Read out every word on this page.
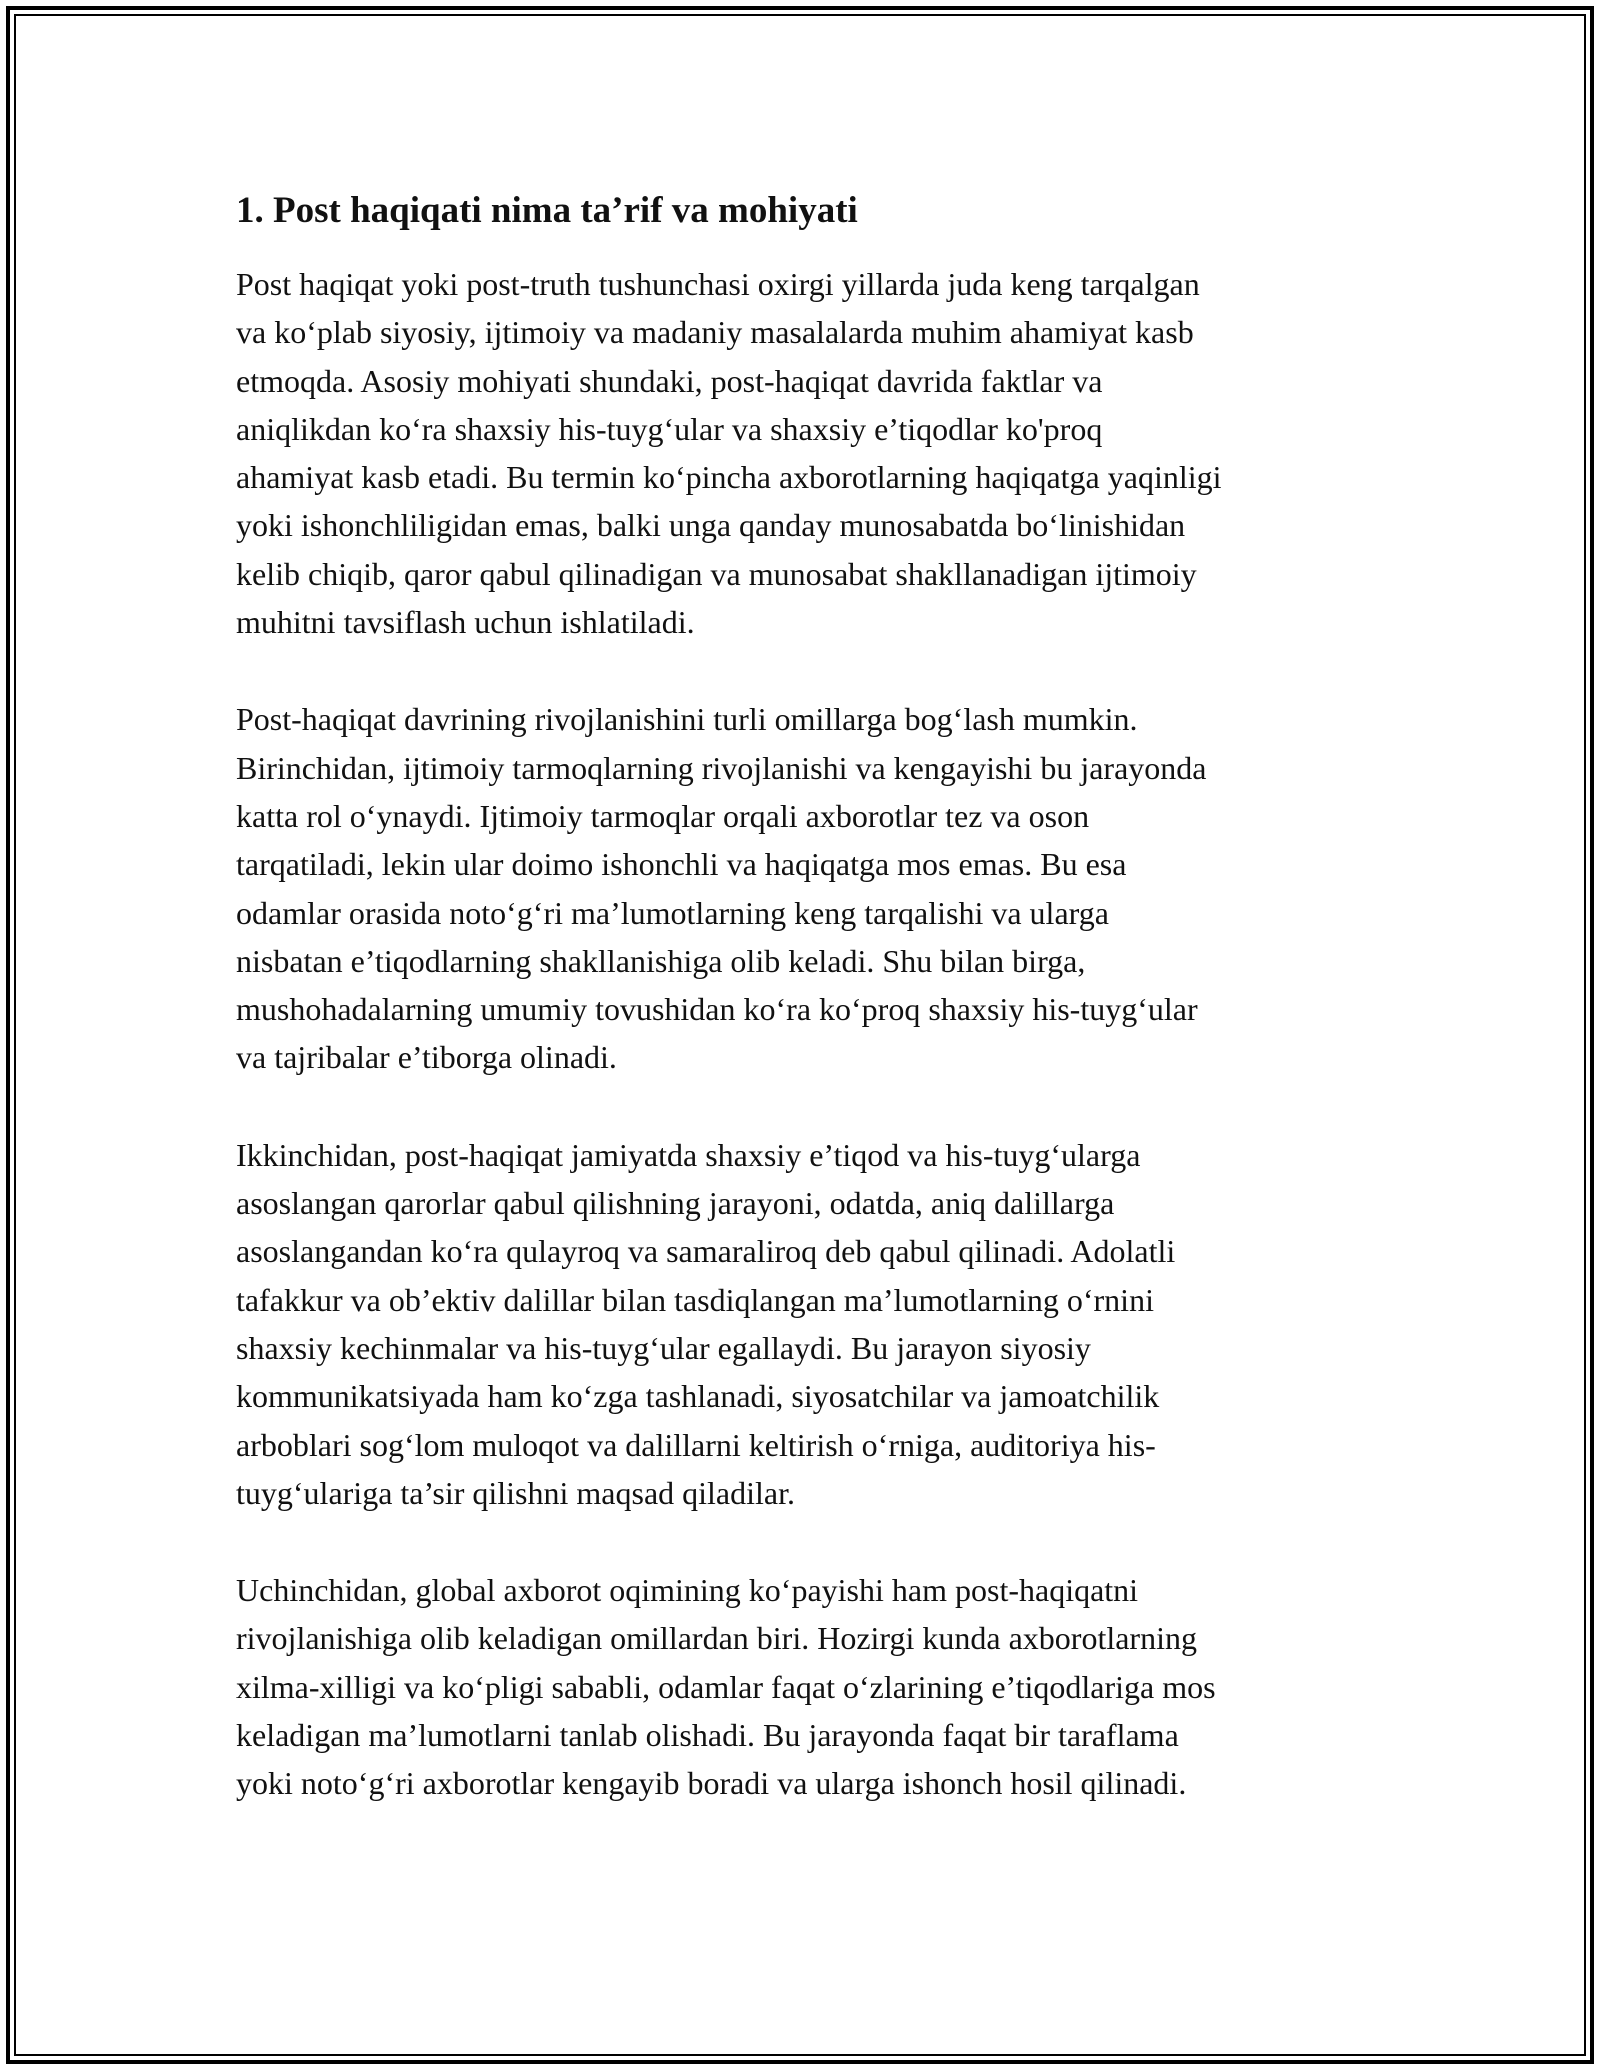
1. Post haqiqati nima ta’rif va mohiyati

Post haqiqat yoki post-truth tushunchasi oxirgi yillarda juda keng tarqalgan
va ko‘plab siyosiy, ijtimoiy va madaniy masalalarda muhim ahamiyat kasb
etmoqda. Asosiy mohiyati shundaki, post-haqiqat davrida faktlar va
aniqlikdan ko‘ra shaxsiy his-tuyg‘ular va shaxsiy e’tiqodlar ko'proq
ahamiyat kasb etadi. Bu termin ko‘pincha axborotlarning haqiqatga yaqinligi
yoki ishonchliligidan emas, balki unga qanday munosabatda bo‘linishidan
kelib chiqib, qaror qabul qilinadigan va munosabat shakllanadigan ijtimoiy
muhitni tavsiflash uchun ishlatiladi.

Post-haqiqat davrining rivojlanishini turli omillarga bog‘lash mumkin.
Birinchidan, ijtimoiy tarmoqlarning rivojlanishi va kengayishi bu jarayonda
katta rol o‘ynaydi. Ijtimoiy tarmoqlar orqali axborotlar tez va oson
tarqatiladi, lekin ular doimo ishonchli va haqiqatga mos emas. Bu esa
odamlar orasida noto‘g‘ri ma’lumotlarning keng tarqalishi va ularga
nisbatan e’tiqodlarning shakllanishiga olib keladi. Shu bilan birga,
mushohadalarning umumiy tovushidan ko‘ra ko‘proq shaxsiy his-tuyg‘ular
va tajribalar e’tiborga olinadi.

Ikkinchidan, post-haqiqat jamiyatda shaxsiy e’tiqod va his-tuyg‘ularga
asoslangan qarorlar qabul qilishning jarayoni, odatda, aniq dalillarga
asoslangandan ko‘ra qulayroq va samaraliroq deb qabul qilinadi. Adolatli
tafakkur va ob’ektiv dalillar bilan tasdiqlangan ma’lumotlarning o‘rnini
shaxsiy kechinmalar va his-tuyg‘ular egallaydi. Bu jarayon siyosiy
kommunikatsiyada ham ko‘zga tashlanadi, siyosatchilar va jamoatchilik
arboblari sog‘lom muloqot va dalillarni keltirish o‘rniga, auditoriya his-
tuyg‘ulariga ta’sir qilishni maqsad qiladilar.

Uchinchidan, global axborot oqimining ko‘payishi ham post-haqiqatni
rivojlanishiga olib keladigan omillardan biri. Hozirgi kunda axborotlarning
xilma-xilligi va ko‘pligi sababli, odamlar faqat o‘zlarining e’tiqodlariga mos
keladigan ma’lumotlarni tanlab olishadi. Bu jarayonda faqat bir taraflama
yoki noto‘g‘ri axborotlar kengayib boradi va ularga ishonch hosil qilinadi.
